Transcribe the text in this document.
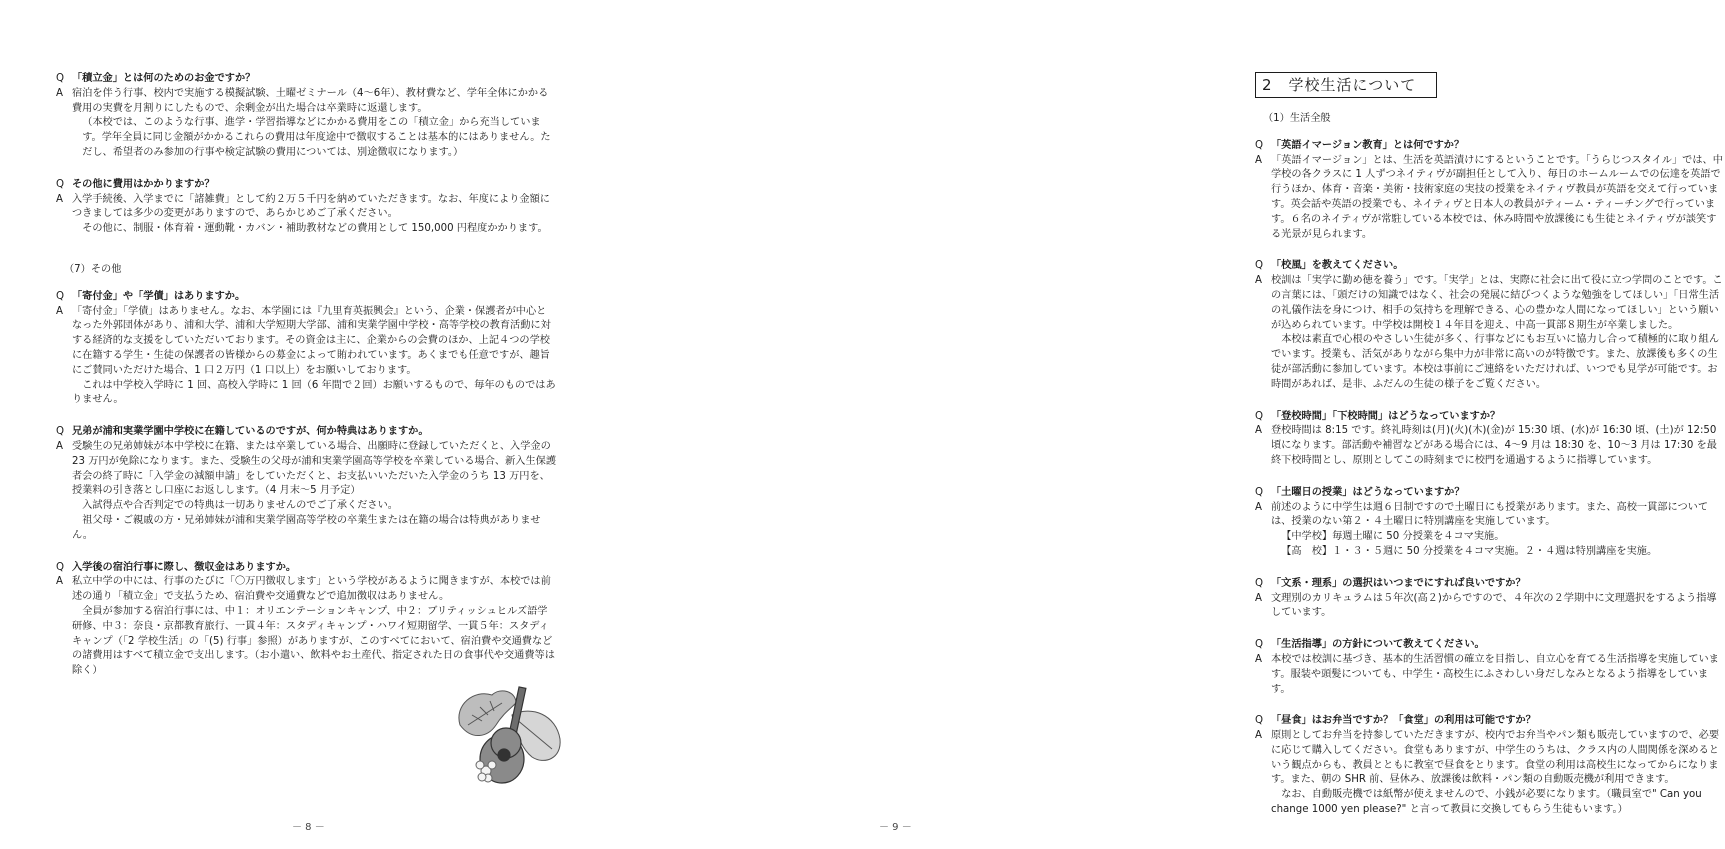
Q 「積立金」とは何のためのお金ですか？
A 宿泊を伴う行事、校内で実施する模擬試験、土曜ゼミナール（4～6年）、教材費など、学年全体にかかる費用の実費を月割りにしたもので、余剰金が出た場合は卒業時に返還します。
（本校では、このような行事、進学・学習指導などにかかる費用をこの「積立金」から充当しています。学年全員に同じ金額がかかるこれらの費用は年度途中で徴収することは基本的にはありません。ただし、希望者のみ参加の行事や検定試験の費用については、別途徴収になります。）
Q その他に費用はかかりますか？
A 入学手続後、入学までに「諸雑費」として約２万５千円を納めていただきます。なお、年度により金額につきましては多少の変更がありますので、あらかじめご了承ください。
その他に、制服・体育着・運動靴・カバン・補助教材などの費用として 150,000 円程度かかります。
（7）その他
Q 「寄付金」や「学債」はありますか。
A 「寄付金」「学債」はありません。なお、本学園には『九里育英振興会』という、企業・保護者が中心となった外郭団体があり、浦和大学、浦和大学短期大学部、浦和実業学園中学校・高等学校の教育活動に対する経済的な支援をしていただいております。その資金は主に、企業からの会費のほか、上記４つの学校に在籍する学生・生徒の保護者の皆様からの募金によって賄われています。あくまでも任意ですが、趣旨にご賛同いただけた場合、1 口２万円（1 口以上）をお願いしております。
これは中学校入学時に 1 回、高校入学時に 1 回（6 年間で２回）お願いするもので、毎年のものではありません。
Q 兄弟が浦和実業学園中学校に在籍しているのですが、何か特典はありますか。
A 受験生の兄弟姉妹が本中学校に在籍、または卒業している場合、出願時に登録していただくと、入学金の 23 万円が免除になります。また、受験生の父母が浦和実業学園高等学校を卒業している場合、新入生保護者会の終了時に「入学金の減額申請」をしていただくと、お支払いいただいた入学金のうち 13 万円を、授業料の引き落とし口座にお返しします。（4 月末～5 月予定）
入試得点や合否判定での特典は一切ありませんのでご了承ください。
祖父母・ご親戚の方・兄弟姉妹が浦和実業学園高等学校の卒業生または在籍の場合は特典がありません。
Q 入学後の宿泊行事に際し、徴収金はありますか。
A 私立中学の中には、行事のたびに「〇万円徴収します」という学校があるように聞きますが、本校では前述の通り「積立金」で支払うため、宿泊費や交通費などで追加徴収はありません。
全員が参加する宿泊行事には、中１：オリエンテーションキャンプ、中２：ブリティッシュヒルズ語学研修、中３：奈良・京都教育旅行、一貫４年：スタディキャンプ・ハワイ短期留学、一貫５年：スタディキャンプ（「2 学校生活」の「(5) 行事」参照）がありますが、このすべてにおいて、宿泊費や交通費などの諸費用はすべて積立金で支出します。（お小遣い、飲料やお土産代、指定された日の食事代や交通費等は除く）
－ 8 －
2　学校生活について
（1）生活全般
Q 「英語イマージョン教育」とは何ですか？
A 「英語イマージョン」とは、生活を英語漬けにするということです。「うらじつスタイル」では、中学校の各クラスに 1 人ずつネイティヴが副担任として入り、毎日のホームルームでの伝達を英語で行うほか、体育・音楽・美術・技術家庭の実技の授業をネイティヴ教員が英語を交えて行っています。英会話や英語の授業でも、ネイティヴと日本人の教員がティーム・ティーチングで行っています。６名のネイティヴが常駐している本校では、休み時間や放課後にも生徒とネイティヴが談笑する光景が見られます。
Q 「校風」を教えてください。
A 校訓は「実学に勤め徳を養う」です。「実学」とは、実際に社会に出て役に立つ学問のことです。この言葉には、「頭だけの知識ではなく、社会の発展に結びつくような勉強をしてほしい」「日常生活の礼儀作法を身につけ、相手の気持ちを理解できる、心の豊かな人間になってほしい」という願いが込められています。中学校は開校１４年目を迎え、中高一貫部８期生が卒業しました。
本校は素直で心根のやさしい生徒が多く、行事などにもお互いに協力し合って積極的に取り組んでいます。授業も、活気がありながら集中力が非常に高いのが特徴です。また、放課後も多くの生徒が部活動に参加しています。本校は事前にご連絡をいただければ、いつでも見学が可能です。お時間があれば、是非、ふだんの生徒の様子をご覧ください。
Q 「登校時間」「下校時間」はどうなっていますか？
A 登校時間は 8:15 です。終礼時刻は(月)(火)(木)(金)が 15:30 頃、(水)が 16:30 頃、(土)が 12:50 頃になります。部活動や補習などがある場合には、4～9 月は 18:30 を、10～3 月は 17:30 を最終下校時間とし、原則としてこの時刻までに校門を通過するように指導しています。
Q 「土曜日の授業」はどうなっていますか？
A 前述のように中学生は週６日制ですので土曜日にも授業があります。また、高校一貫部については、授業のない第２・４土曜日に特別講座を実施しています。
【中学校】毎週土曜に 50 分授業を４コマ実施。
【高　校】１・３・５週に 50 分授業を４コマ実施。２・４週は特別講座を実施。
Q 「文系・理系」の選択はいつまでにすれば良いですか？
A 文理別のカリキュラムは５年次(高２)からですので、４年次の２学期中に文理選択をするよう指導しています。
Q 「生活指導」の方針について教えてください。
A 本校では校訓に基づき、基本的生活習慣の確立を目指し、自立心を育てる生活指導を実施しています。服装や頭髪についても、中学生・高校生にふさわしい身だしなみとなるよう指導をしています。
Q 「昼食」はお弁当ですか？「食堂」の利用は可能ですか？
A 原則としてお弁当を持参していただきますが、校内でお弁当やパン類も販売していますので、必要に応じて購入してください。食堂もありますが、中学生のうちは、クラス内の人間関係を深めるという観点からも、教員とともに教室で昼食をとります。食堂の利用は高校生になってからになります。また、朝の SHR 前、昼休み、放課後は飲料・パン類の自動販売機が利用できます。
なお、自動販売機では紙幣が使えませんので、小銭が必要になります。（職員室で" Can you change 1000 yen please?" と言って教員に交換してもらう生徒もいます。）
－ 9 －
